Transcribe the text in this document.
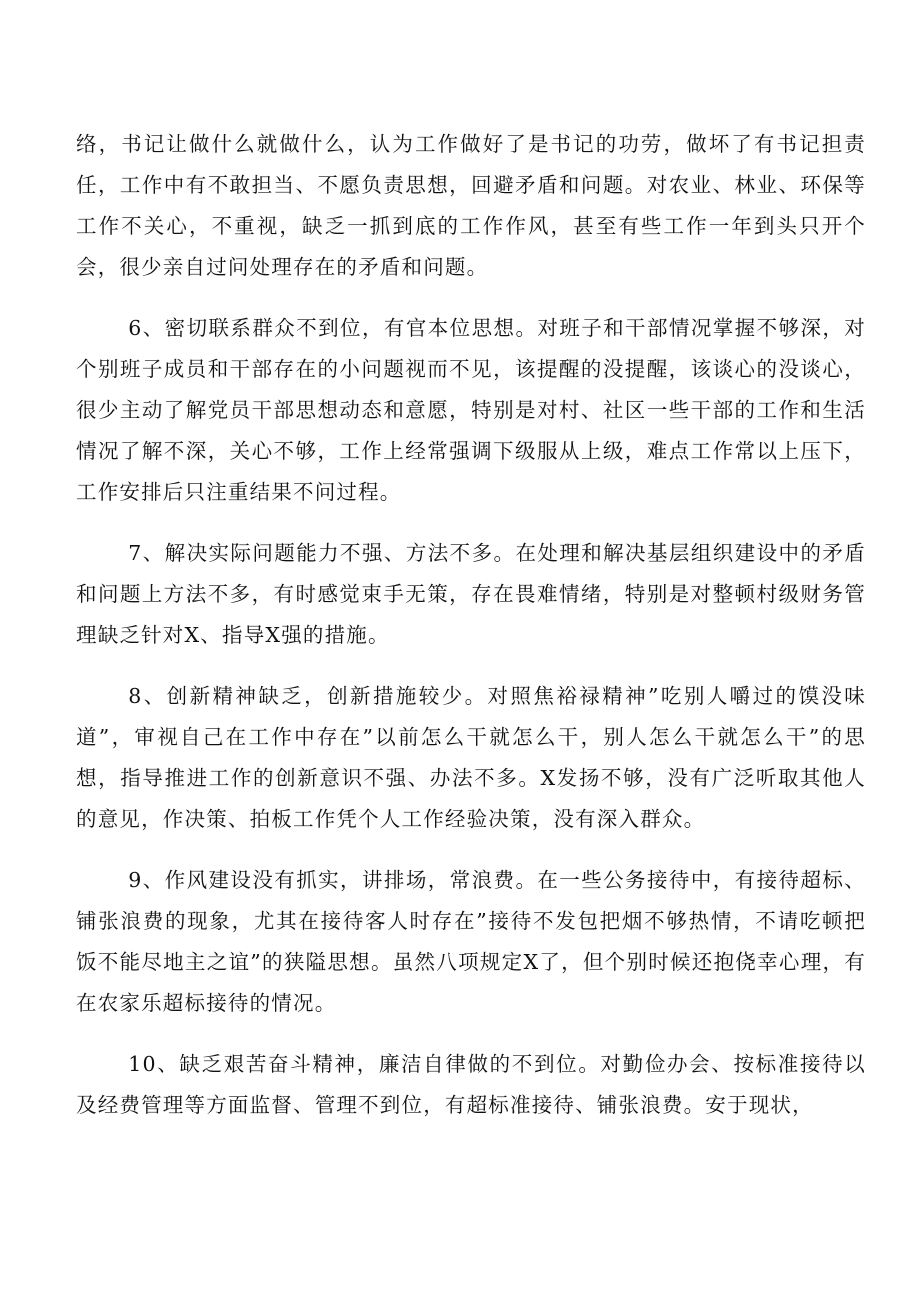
络，书记让做什么就做什么，认为工作做好了是书记的功劳，做坏了有书记担责任，工作中有不敢担当、不愿负责思想，回避矛盾和问题。对农业、林业、环保等工作不关心，不重视，缺乏一抓到底的工作作风，甚至有些工作一年到头只开个会，很少亲自过问处理存在的矛盾和问题。

6、密切联系群众不到位，有官本位思想。对班子和干部情况掌握不够深，对个别班子成员和干部存在的小问题视而不见，该提醒的没提醒，该谈心的没谈心，很少主动了解党员干部思想动态和意愿，特别是对村、社区一些干部的工作和生活情况了解不深，关心不够，工作上经常强调下级服从上级，难点工作常以上压下，工作安排后只注重结果不问过程。

7、解决实际问题能力不强、方法不多。在处理和解决基层组织建设中的矛盾和问题上方法不多，有时感觉束手无策，存在畏难情绪，特别是对整顿村级财务管理缺乏针对X、指导X强的措施。

8、创新精神缺乏，创新措施较少。对照焦裕禄精神”吃别人嚼过的馍没味道”，审视自己在工作中存在”以前怎么干就怎么干，别人怎么干就怎么干”的思想，指导推进工作的创新意识不强、办法不多。X发扬不够，没有广泛听取其他人的意见，作决策、拍板工作凭个人工作经验决策，没有深入群众。

9、作风建设没有抓实，讲排场，常浪费。在一些公务接待中，有接待超标、铺张浪费的现象，尤其在接待客人时存在”接待不发包把烟不够热情，不请吃顿把饭不能尽地主之谊”的狭隘思想。虽然八项规定X了，但个别时候还抱侥幸心理，有在农家乐超标接待的情况。

10、缺乏艰苦奋斗精神，廉洁自律做的不到位。对勤俭办会、按标准接待以及经费管理等方面监督、管理不到位，有超标准接待、铺张浪费。安于现状，
